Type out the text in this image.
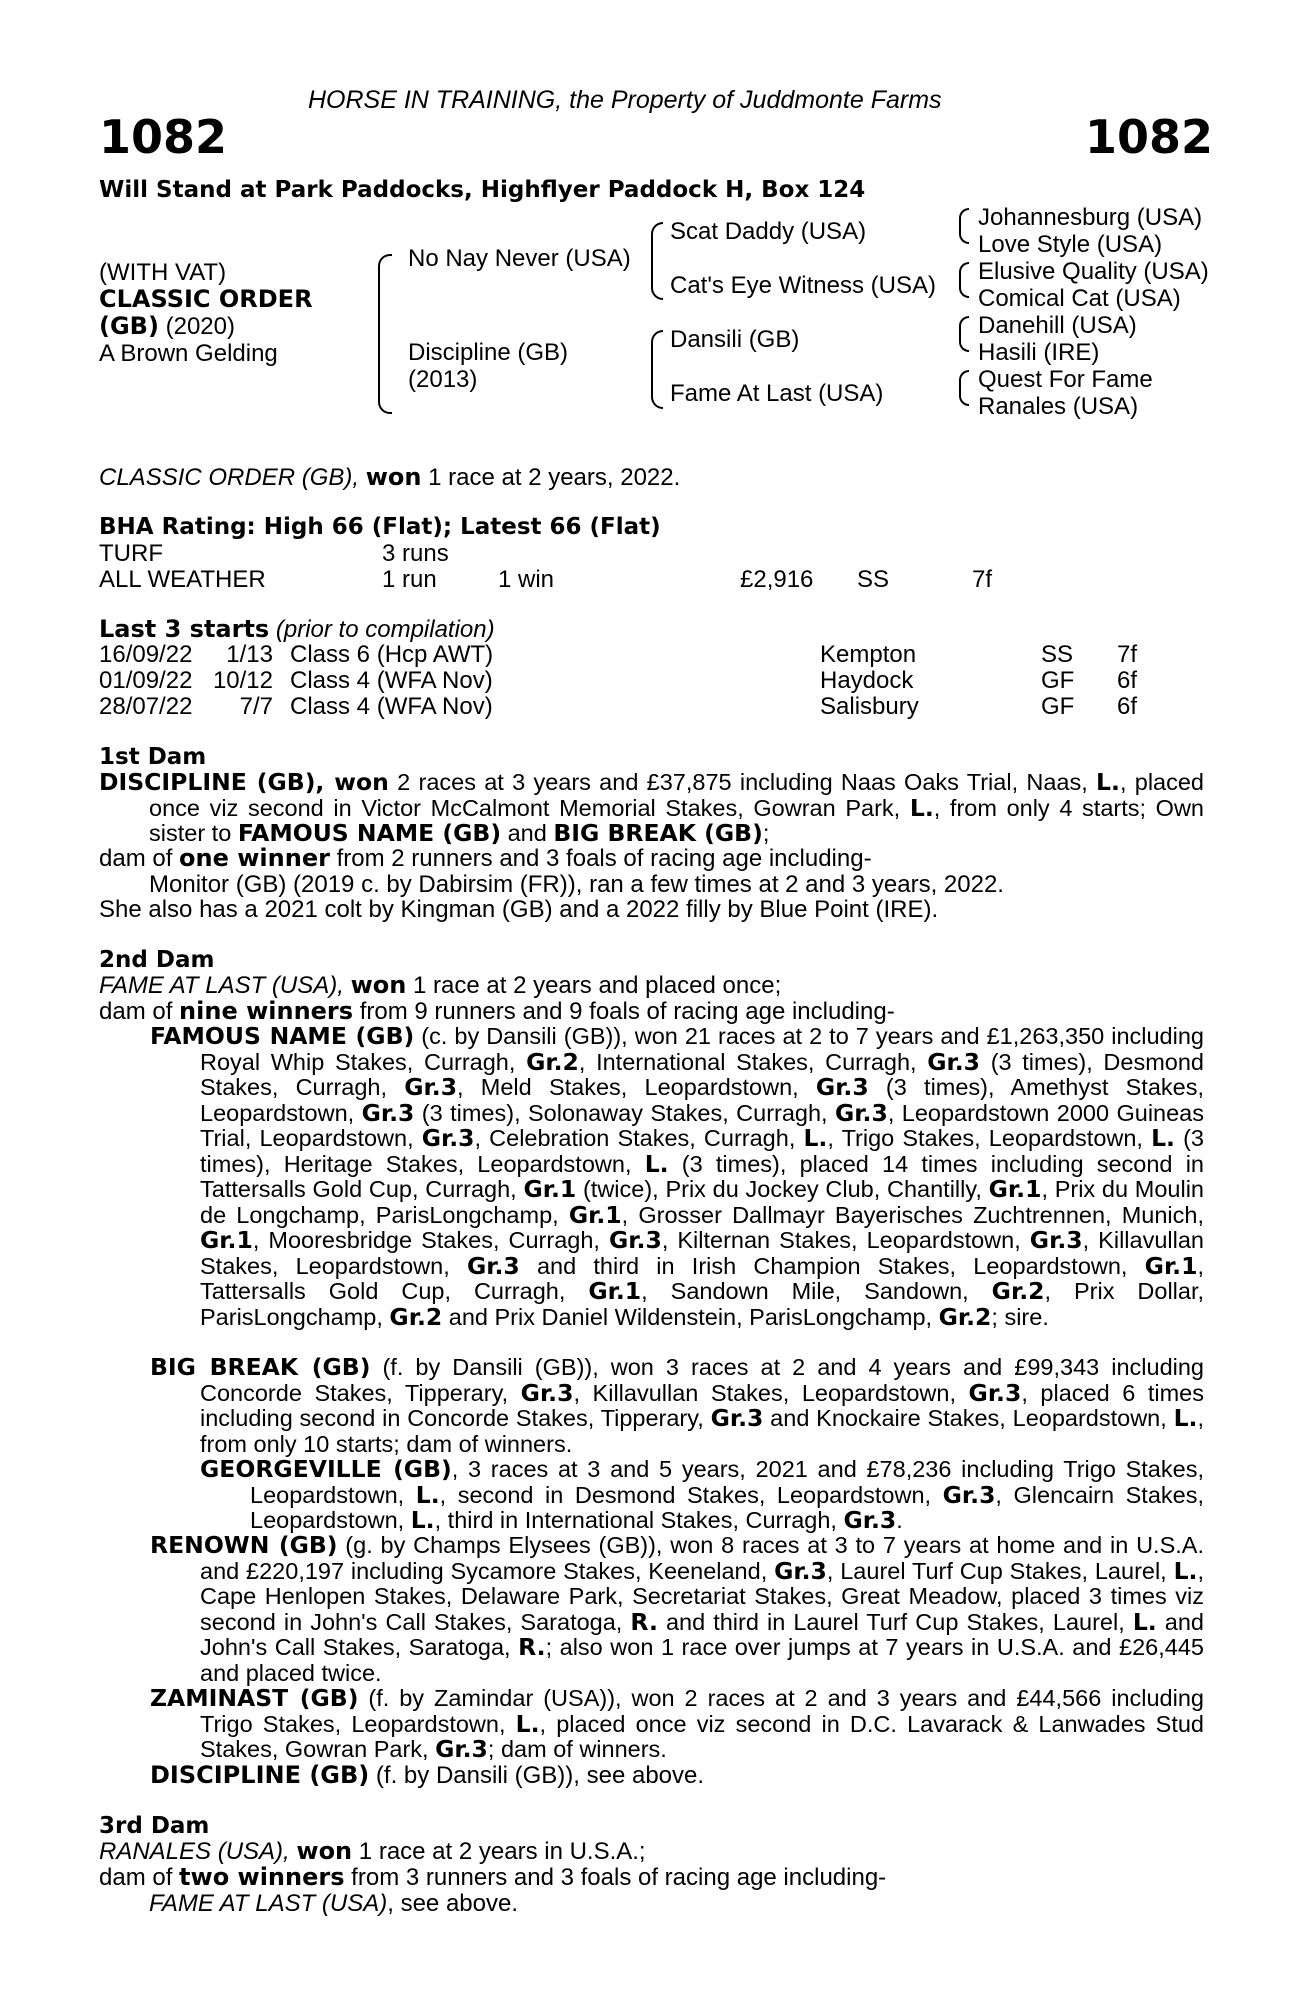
HORSE IN TRAINING, the Property of Juddmonte Farms
1082	1082
Will Stand at Park Paddocks, Highflyer Paddock H, Box 124
(WITH VAT)
CLASSIC ORDER
(GB) (2020)
A Brown Gelding
No Nay Never (USA)
Discipline (GB)
(2013)
Scat Daddy (USA)
Cat's Eye Witness (USA)
Dansili (GB)
Fame At Last (USA)
Johannesburg (USA)
Love Style (USA)
Elusive Quality (USA)
Comical Cat (USA)
Danehill (USA)
Hasili (IRE)
Quest For Fame
Ranales (USA)
CLASSIC ORDER (GB), won 1 race at 2 years, 2022.
BHA Rating: High 66 (Flat); Latest 66 (Flat)
TURF	3 runs
ALL WEATHER	1 run	1 win	£2,916 SS	7f
Last 3 starts (prior to compilation)
16/09/22	1/13 Class 6 (Hcp AWT)	Kempton	SS 7f
01/09/22 10/12 Class 4 (WFA Nov)	Haydock	GF 6f
28/07/22	7/7 Class 4 (WFA Nov)	Salisbury	GF 6f
1st Dam
DISCIPLINE (GB), won 2 races at 3 years and £37,875 including Naas Oaks Trial, Naas, L., placed once viz second in Victor McCalmont Memorial Stakes, Gowran Park, L., from only 4 starts; Own sister to FAMOUS NAME (GB) and BIG BREAK (GB);
dam of one winner from 2 runners and 3 foals of racing age including-
Monitor (GB) (2019 c. by Dabirsim (FR)), ran a few times at 2 and 3 years, 2022.
She also has a 2021 colt by Kingman (GB) and a 2022 filly by Blue Point (IRE).
2nd Dam
FAME AT LAST (USA), won 1 race at 2 years and placed once;
dam of nine winners from 9 runners and 9 foals of racing age including-
FAMOUS NAME (GB) (c. by Dansili (GB)), won 21 races at 2 to 7 years and £1,263,350 including Royal Whip Stakes, Curragh, Gr.2, International Stakes, Curragh, Gr.3 (3 times), Desmond Stakes, Curragh, Gr.3, Meld Stakes, Leopardstown, Gr.3 (3 times), Amethyst Stakes, Leopardstown, Gr.3 (3 times), Solonaway Stakes, Curragh, Gr.3, Leopardstown 2000 Guineas Trial, Leopardstown, Gr.3, Celebration Stakes, Curragh, L., Trigo Stakes, Leopardstown, L. (3 times), Heritage Stakes, Leopardstown, L. (3 times), placed 14 times including second in Tattersalls Gold Cup, Curragh, Gr.1 (twice), Prix du Jockey Club, Chantilly, Gr.1, Prix du Moulin de Longchamp, ParisLongchamp, Gr.1, Grosser Dallmayr Bayerisches Zuchtrennen, Munich, Gr.1, Mooresbridge Stakes, Curragh, Gr.3, Kilternan Stakes, Leopardstown, Gr.3, Killavullan Stakes, Leopardstown, Gr.3 and third in Irish Champion Stakes, Leopardstown, Gr.1, Tattersalls Gold Cup, Curragh, Gr.1, Sandown Mile, Sandown, Gr.2, Prix Dollar, ParisLongchamp, Gr.2 and Prix Daniel Wildenstein, ParisLongchamp, Gr.2; sire.
BIG BREAK (GB) (f. by Dansili (GB)), won 3 races at 2 and 4 years and £99,343 including Concorde Stakes, Tipperary, Gr.3, Killavullan Stakes, Leopardstown, Gr.3, placed 6 times including second in Concorde Stakes, Tipperary, Gr.3 and Knockaire Stakes, Leopardstown, L., from only 10 starts; dam of winners.
GEORGEVILLE (GB), 3 races at 3 and 5 years, 2021 and £78,236 including Trigo Stakes, Leopardstown, L., second in Desmond Stakes, Leopardstown, Gr.3, Glencairn Stakes, Leopardstown, L., third in International Stakes, Curragh, Gr.3.
RENOWN (GB) (g. by Champs Elysees (GB)), won 8 races at 3 to 7 years at home and in U.S.A. and £220,197 including Sycamore Stakes, Keeneland, Gr.3, Laurel Turf Cup Stakes, Laurel, L., Cape Henlopen Stakes, Delaware Park, Secretariat Stakes, Great Meadow, placed 3 times viz second in John's Call Stakes, Saratoga, R. and third in Laurel Turf Cup Stakes, Laurel, L. and John's Call Stakes, Saratoga, R.; also won 1 race over jumps at 7 years in U.S.A. and £26,445 and placed twice.
ZAMINAST (GB) (f. by Zamindar (USA)), won 2 races at 2 and 3 years and £44,566 including Trigo Stakes, Leopardstown, L., placed once viz second in D.C. Lavarack & Lanwades Stud Stakes, Gowran Park, Gr.3; dam of winners.
DISCIPLINE (GB) (f. by Dansili (GB)), see above.
3rd Dam
RANALES (USA), won 1 race at 2 years in U.S.A.;
dam of two winners from 3 runners and 3 foals of racing age including-
FAME AT LAST (USA), see above.
